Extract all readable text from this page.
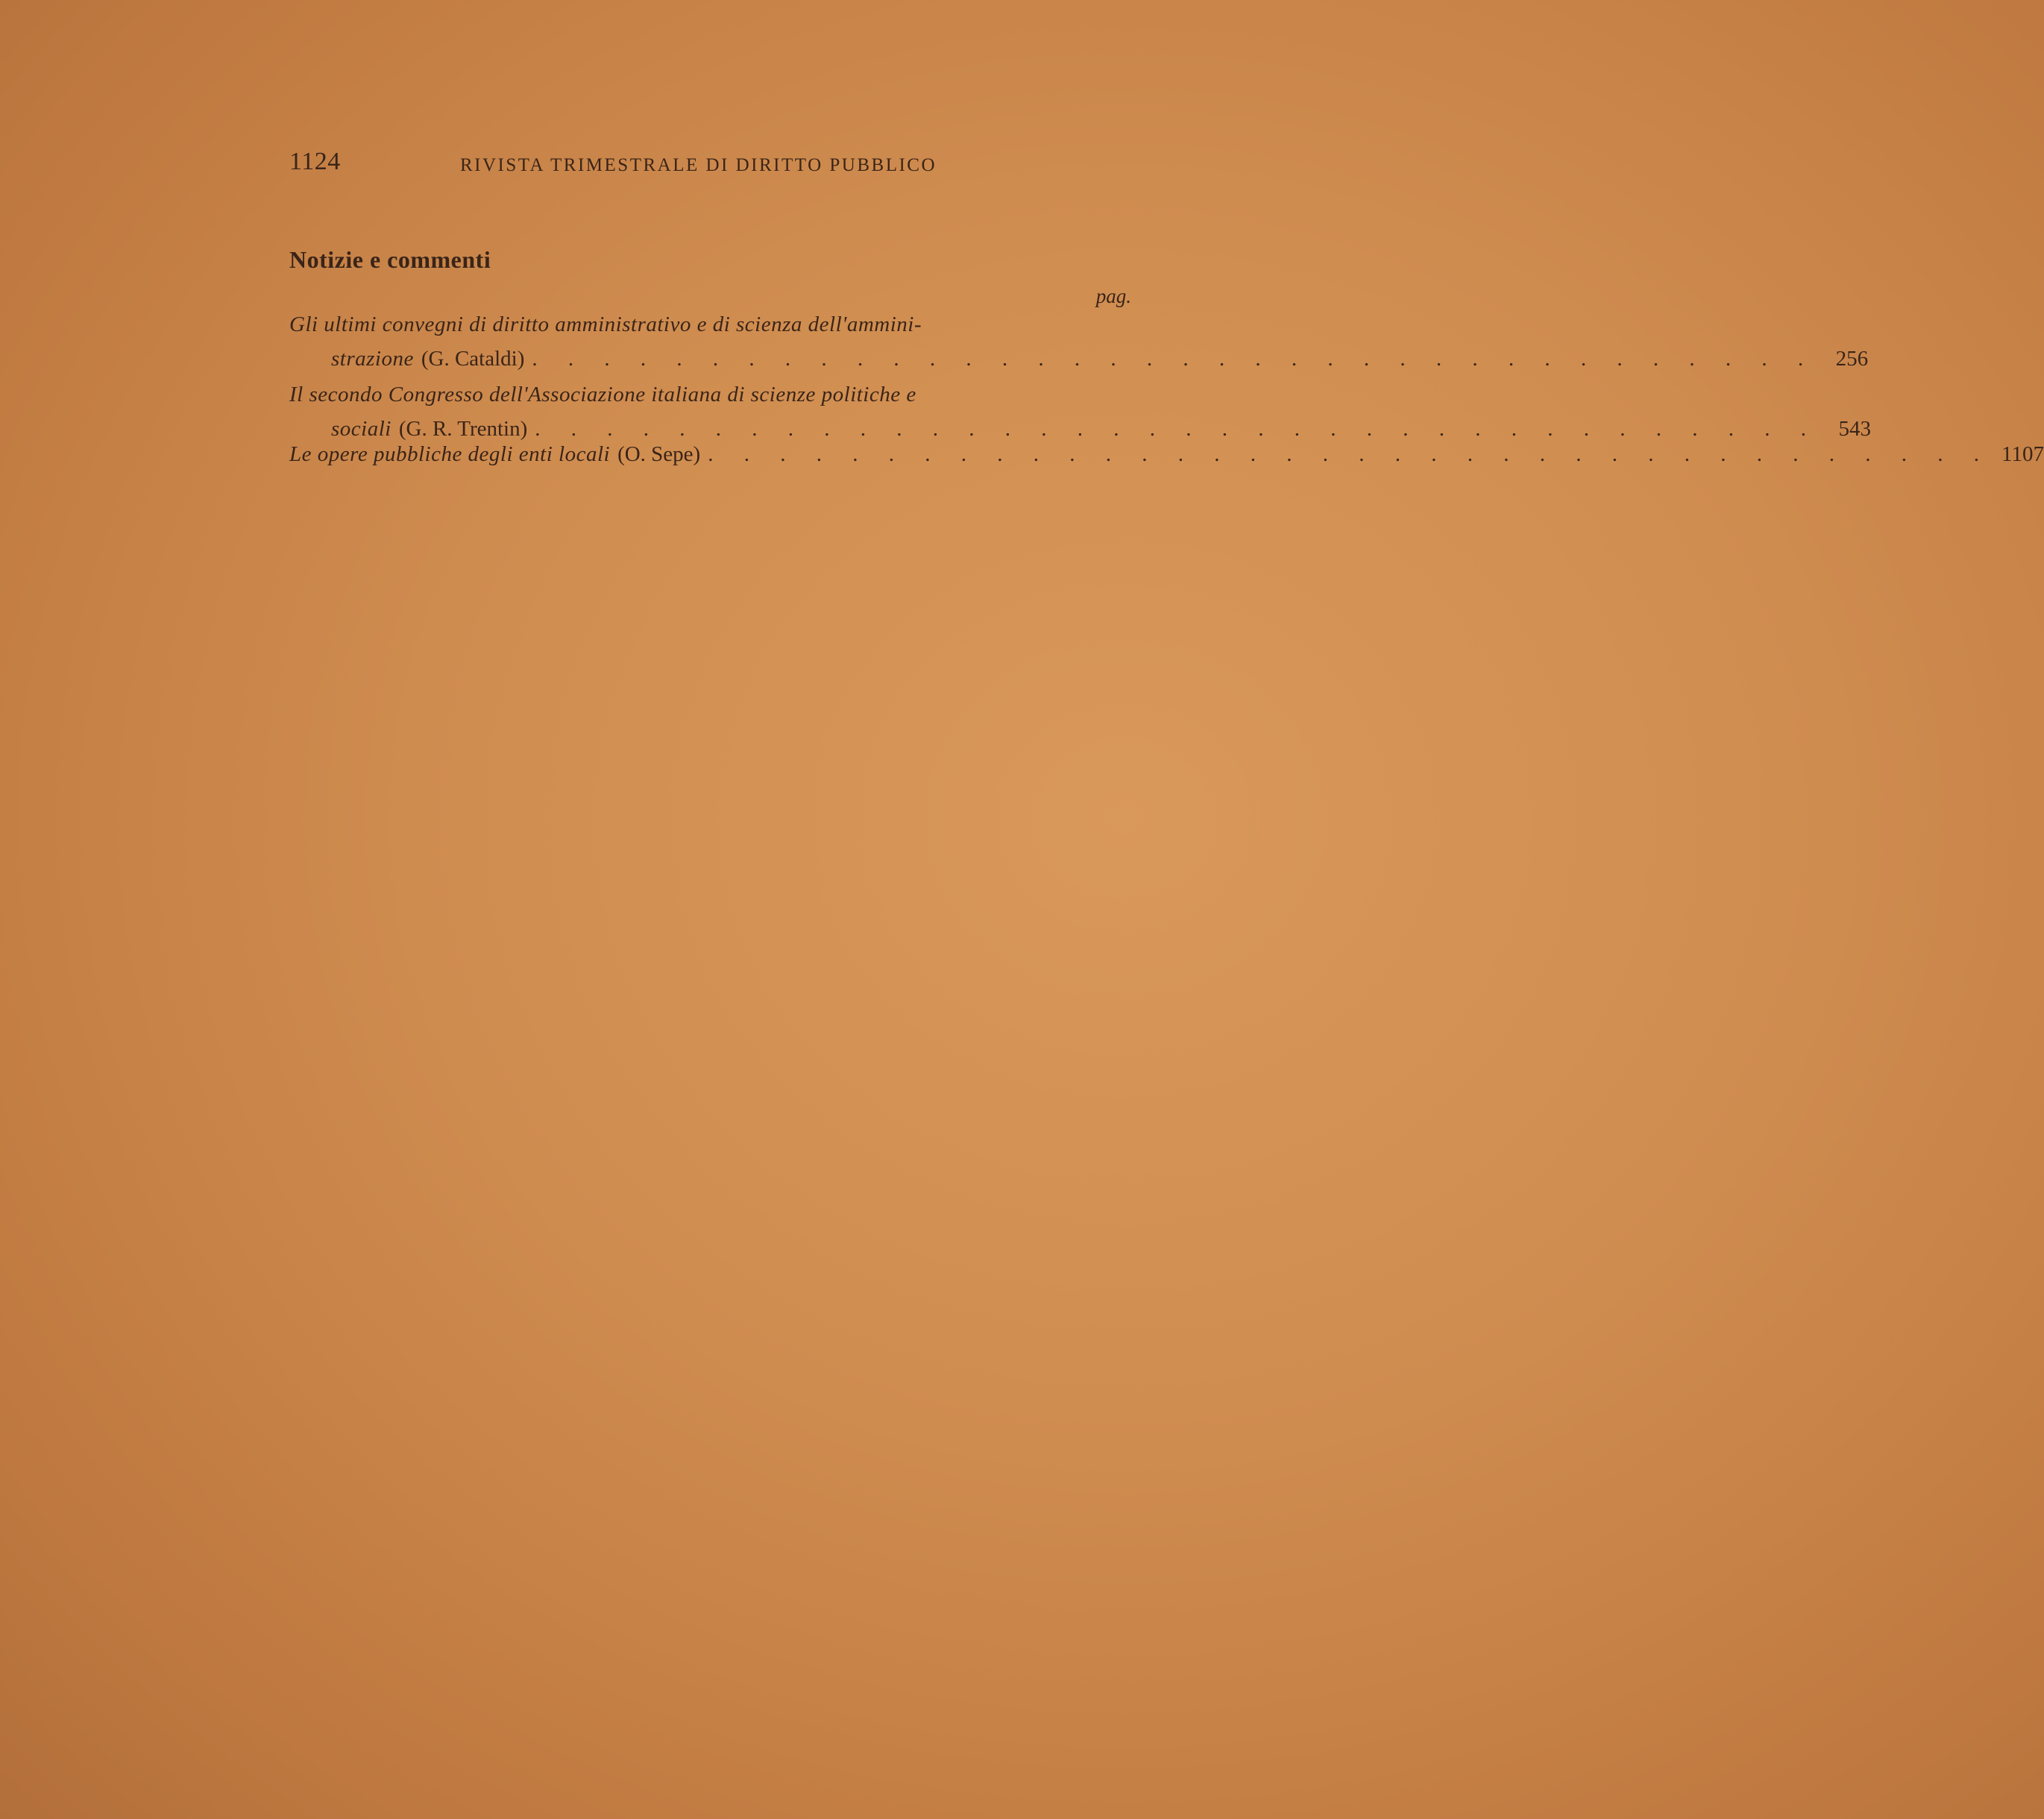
1124	RIVISTA TRIMESTRALE DI DIRITTO PUBBLICO
Notizie e commenti
pag.
Gli ultimi convegni di diritto amministrativo e di scienza dell'ammini-
strazione (G. Cataldi) . . . . . . . . . . . . . . . . . . . . . . . . . . . . . . . . . . . . 256
Il secondo Congresso dell'Associazione italiana di scienze politiche e
sociali (G. R. Trentin) . . . . . . . . . . . . . . . . . . . . . . . . . . . . . . . . . . . . 543
Le opere pubbliche degli enti locali (O. Sepe) . . . . . . . . . . . . . . . . . . . . . . . . . . . . . . . . . . . . 1107
